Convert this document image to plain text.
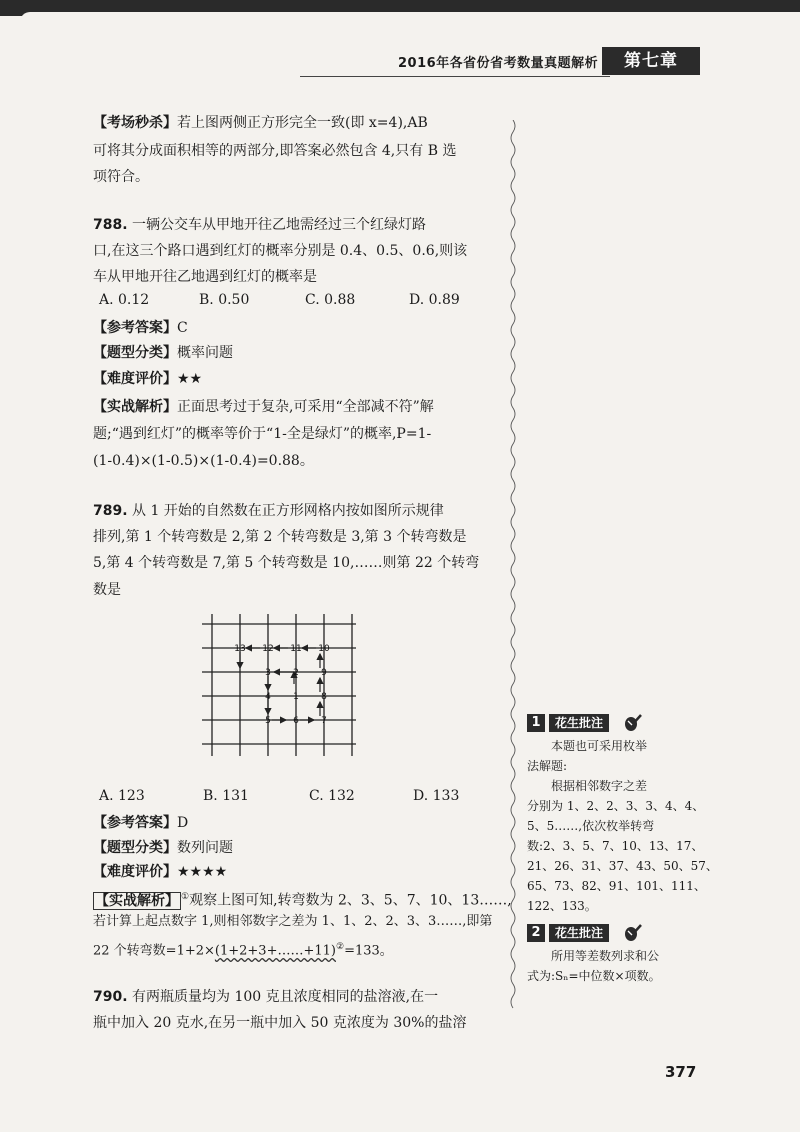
2016年各省份省考数量真题解析	第七章
【考场秒杀】若上图两侧正方形完全一致(即 x=4),AB
可将其分成面积相等的两部分,即答案必然包含 4,只有 B 选
项符合。
788. 一辆公交车从甲地开往乙地需经过三个红绿灯路
口,在这三个路口遇到红灯的概率分别是 0.4、0.5、0.6,则该
车从甲地开往乙地遇到红灯的概率是
A. 0.12	B. 0.50	C. 0.88	D. 0.89
【参考答案】C
【题型分类】概率问题
【难度评价】★★
【实战解析】正面思考过于复杂,可采用“全部减不符”解
题;“遇到红灯”的概率等价于“1-全是绿灯”的概率,P=1-
(1-0.4)×(1-0.5)×(1-0.4)=0.88。
789. 从 1 开始的自然数在正方形网格内按如图所示规律
排列,第 1 个转弯数是 2,第 2 个转弯数是 3,第 3 个转弯数是
5,第 4 个转弯数是 7,第 5 个转弯数是 10,……则第 22 个转弯
数是
A. 123	B. 131	C. 132	D. 133
【参考答案】D
【题型分类】数列问题
【难度评价】★★★★
【实战解析】 ①观察上图可知,转弯数为 2、3、5、7、10、13……,
若计算上起点数字 1,则相邻数字之差为 1、1、2、2、3、3……,即第
22 个转弯数=1+2×(1+2+3+……+11)②=133。
790. 有两瓶质量均为 100 克且浓度相同的盐溶液,在一
瓶中加入 20 克水,在另一瓶中加入 50 克浓度为 30%的盐溶
13 12 11 10
3 2 9
4 1 8
5 6 7	1	花生批注
本题也可采用枚举
法解题:
根据相邻数字之差
分别为 1、2、2、3、3、4、4、
5、5……,依次枚举转弯
数:2、3、5、7、10、13、17、
21、26、31、37、43、50、57、
65、73、82、91、101、111、
122、133。
2	花生批注
所用等差数列求和公
式为:Sₙ=中位数×项数。
377
